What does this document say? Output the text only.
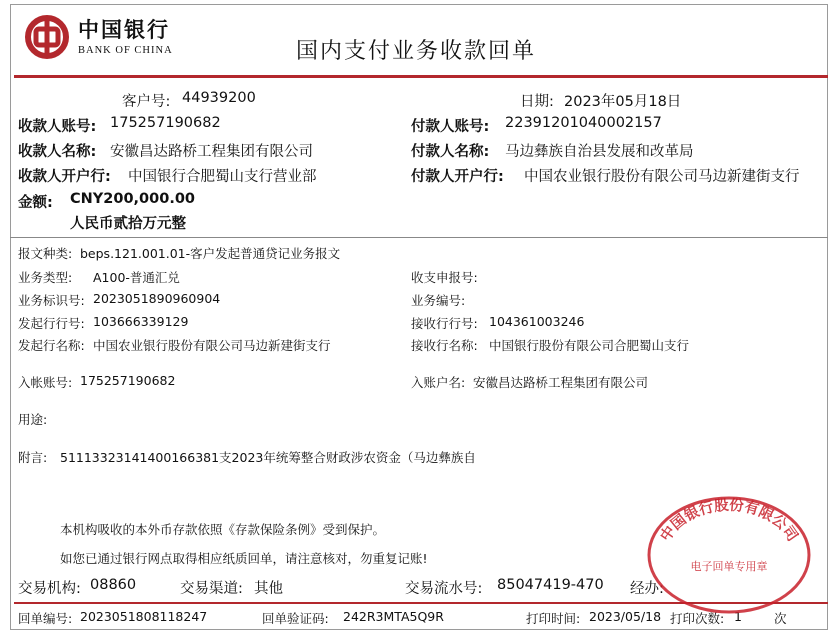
中国银行
BANK OF CHINA	国内支付业务收款回单
客户号: 44939200	日期: 2023年05月18日
收款人账号: 175257190682	付款人账号: 22391201040002157
收款人名称: 安徽昌达路桥工程集团有限公司	付款人名称: 马边彝族自治县发展和改革局
收款人开户行: 中国银行合肥蜀山支行营业部	付款人开户行: 中国农业银行股份有限公司马边新建街支行
金额: CNY200,000.00
人民币贰拾万元整
报文种类: beps.121.001.01-客户发起普通贷记业务报文
业务类型: A100-普通汇兑	收支申报号:
业务标识号: 2023051890960904	业务编号:
发起行行号: 103666339129	接收行行号: 104361003246
发起行名称: 中国农业银行股份有限公司马边新建街支行	接收行名称: 中国银行股份有限公司合肥蜀山支行
入帐账号: 175257190682	入账户名: 安徽昌达路桥工程集团有限公司
用途:
附言: 51113323141400166381支2023年统筹整合财政涉农资金（马边彝族自
本机构吸收的本外币存款依照《存款保险条例》受到保护。
如您已通过银行网点取得相应纸质回单，请注意核对，勿重复记账!
交易机构: 08860	交易渠道: 其他	交易流水号: 85047419-470 经办:
回单编号: 2023051808118247	回单验证码: 242R3MTA5Q9R	打印时间: 2023/05/18 打印次数: 1	次
中国银行股份有限公司
电子回单专用章
